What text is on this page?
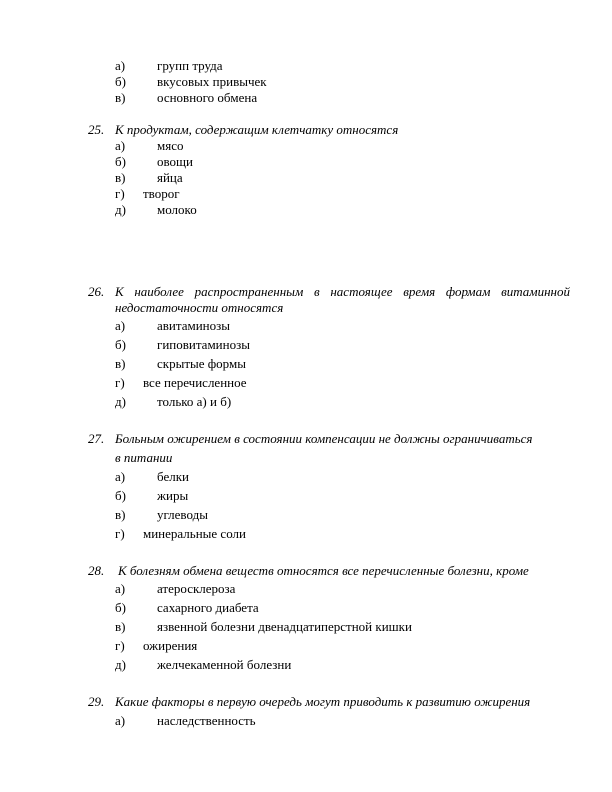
а) групп труда
б) вкусовых привычек
в) основного обмена
25. К продуктам, содержащим клетчатку относятся
а) мясо
б) овощи
в) яйца
г) творог
д) молоко
26. К наиболее распространенным в настоящее время формам витаминной
недостаточности относятся
а) авитаминозы
б) гиповитаминозы
в) скрытые формы
г) все перечисленное
д) только а) и б)
27. Больным ожирением в состоянии компенсации не должны ограничиваться
в питании
а) белки
б) жиры
в) углеводы
г) минеральные соли
28. К болезням обмена веществ относятся все перечисленные болезни, кроме
а) атеросклероза
б) сахарного диабета
в) язвенной болезни двенадцатиперстной кишки
г) ожирения
д) желчекаменной болезни
29. Какие факторы в первую очередь могут приводить к развитию ожирения
а) наследственность
